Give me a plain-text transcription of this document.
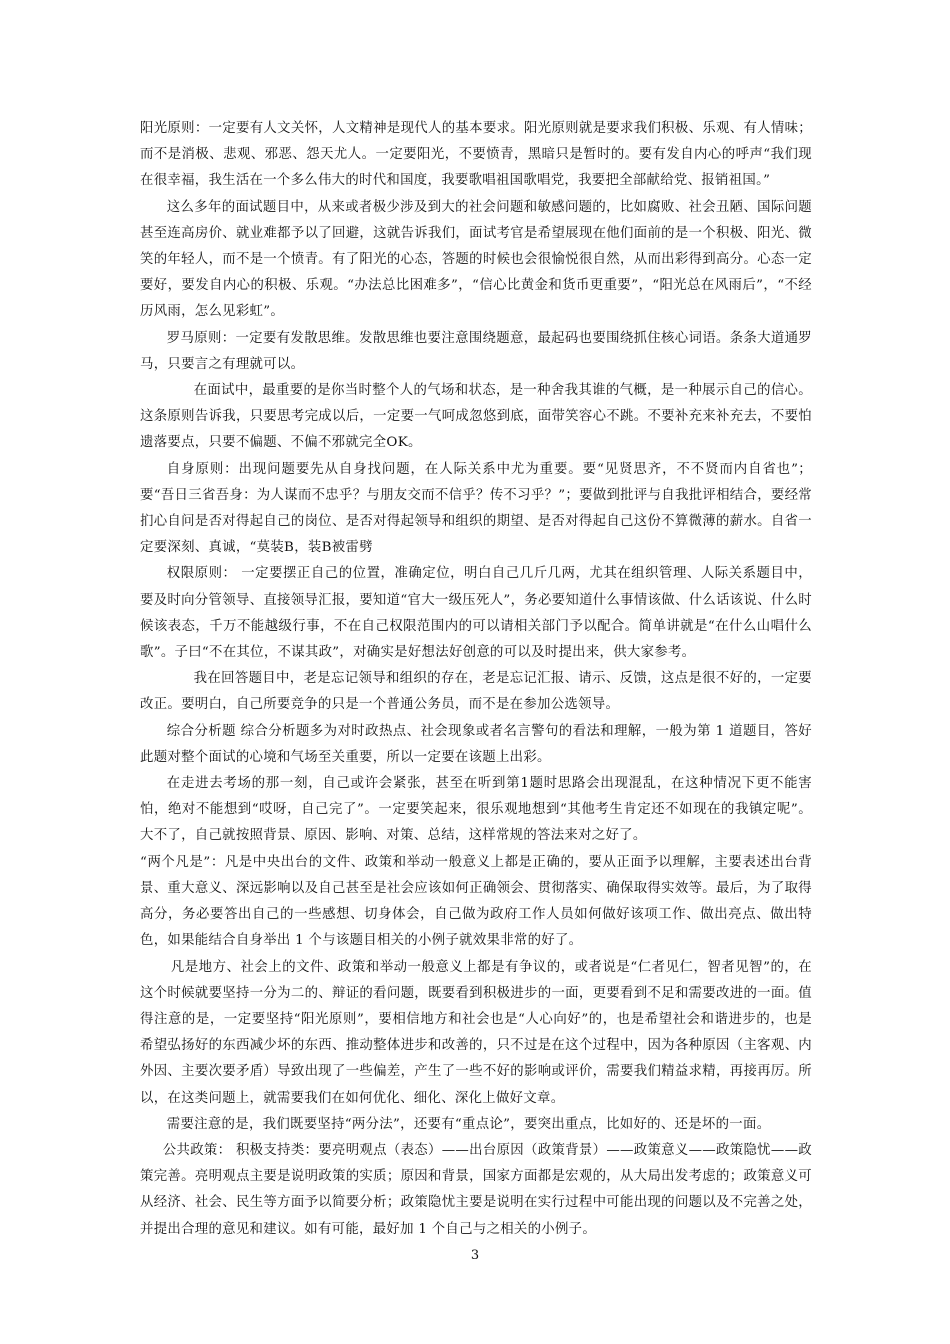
阳光原则：一定要有人文关怀，人文精神是现代人的基本要求。阳光原则就是要求我们积极、乐观、有人情味；而不是消极、悲观、邪恶、怨天尤人。一定要阳光，不要愤青，黑暗只是暂时的。要有发自内心的呼声“我们现在很幸福，我生活在一个多么伟大的时代和国度，我要歌唱祖国歌唱党，我要把全部献给党、报销祖国。”

这么多年的面试题目中，从来或者极少涉及到大的社会问题和敏感问题的，比如腐败、社会丑陋、国际问题甚至连高房价、就业难都予以了回避，这就告诉我们，面试考官是希望展现在他们面前的是一个积极、阳光、微笑的年轻人，而不是一个愤青。有了阳光的心态，答题的时候也会很愉悦很自然，从而出彩得到高分。心态一定要好，要发自内心的积极、乐观。“办法总比困难多”，“信心比黄金和货币更重要”，“阳光总在风雨后”，“不经历风雨，怎么见彩虹”。

罗马原则：一定要有发散思维。发散思维也要注意围绕题意，最起码也要围绕抓住核心词语。条条大道通罗马，只要言之有理就可以。

在面试中，最重要的是你当时整个人的气场和状态，是一种舍我其谁的气概，是一种展示自己的信心。这条原则告诉我，只要思考完成以后，一定要一气呵成忽悠到底，面带笑容心不跳。不要补充来补充去，不要怕遗落要点，只要不偏题、不偏不邪就完全OK。

自身原则：出现问题要先从自身找问题，在人际关系中尤为重要。要“见贤思齐，不不贤而内自省也”；要“吾日三省吾身：为人谋而不忠乎？与朋友交而不信乎？传不习乎？”；要做到批评与自我批评相结合，要经常扪心自问是否对得起自己的岗位、是否对得起领导和组织的期望、是否对得起自己这份不算微薄的薪水。自省一定要深刻、真诚，“莫装B，装B被雷劈

权限原则： 一定要摆正自己的位置，准确定位，明白自己几斤几两，尤其在组织管理、人际关系题目中，要及时向分管领导、直接领导汇报，要知道“官大一级压死人”，务必要知道什么事情该做、什么话该说、什么时候该表态，千万不能越级行事，不在自己权限范围内的可以请相关部门予以配合。简单讲就是“在什么山唱什么歌”。子曰“不在其位，不谋其政”，对确实是好想法好创意的可以及时提出来，供大家参考。

我在回答题目中，老是忘记领导和组织的存在，老是忘记汇报、请示、反馈，这点是很不好的，一定要改正。要明白，自己所要竞争的只是一个普通公务员，而不是在参加公选领导。

综合分析题 综合分析题多为对时政热点、社会现象或者名言警句的看法和理解，一般为第 1 道题目，答好此题对整个面试的心境和气场至关重要，所以一定要在该题上出彩。

在走进去考场的那一刻，自己或许会紧张，甚至在听到第1题时思路会出现混乱，在这种情况下更不能害怕，绝对不能想到“哎呀，自己完了”。一定要笑起来，很乐观地想到“其他考生肯定还不如现在的我镇定呢”。大不了，自己就按照背景、原因、影响、对策、总结，这样常规的答法来对之好了。

“两个凡是”：凡是中央出台的文件、政策和举动一般意义上都是正确的，要从正面予以理解，主要表述出台背景、重大意义、深远影响以及自己甚至是社会应该如何正确领会、贯彻落实、确保取得实效等。最后，为了取得高分，务必要答出自己的一些感想、切身体会，自己做为政府工作人员如何做好该项工作、做出亮点、做出特色，如果能结合自身举出 1 个与该题目相关的小例子就效果非常的好了。

凡是地方、社会上的文件、政策和举动一般意义上都是有争议的，或者说是“仁者见仁，智者见智”的，在这个时候就要坚持一分为二的、辩证的看问题，既要看到积极进步的一面，更要看到不足和需要改进的一面。值得注意的是，一定要坚持“阳光原则”，要相信地方和社会也是“人心向好”的，也是希望社会和谐进步的，也是希望弘扬好的东西减少坏的东西、推动整体进步和改善的，只不过是在这个过程中，因为各种原因（主客观、内外因、主要次要矛盾）导致出现了一些偏差，产生了一些不好的影响或评价，需要我们精益求精，再接再厉。所以，在这类问题上，就需要我们在如何优化、细化、深化上做好文章。

需要注意的是，我们既要坚持“两分法”，还要有“重点论”，要突出重点，比如好的、还是坏的一面。

公共政策： 积极支持类：要亮明观点（表态）——出台原因（政策背景）——政策意义——政策隐忧——政策完善。亮明观点主要是说明政策的实质；原因和背景，国家方面都是宏观的，从大局出发考虑的；政策意义可从经济、社会、民生等方面予以简要分析；政策隐忧主要是说明在实行过程中可能出现的问题以及不完善之处，并提出合理的意见和建议。如有可能，最好加 1 个自己与之相关的小例子。

3
